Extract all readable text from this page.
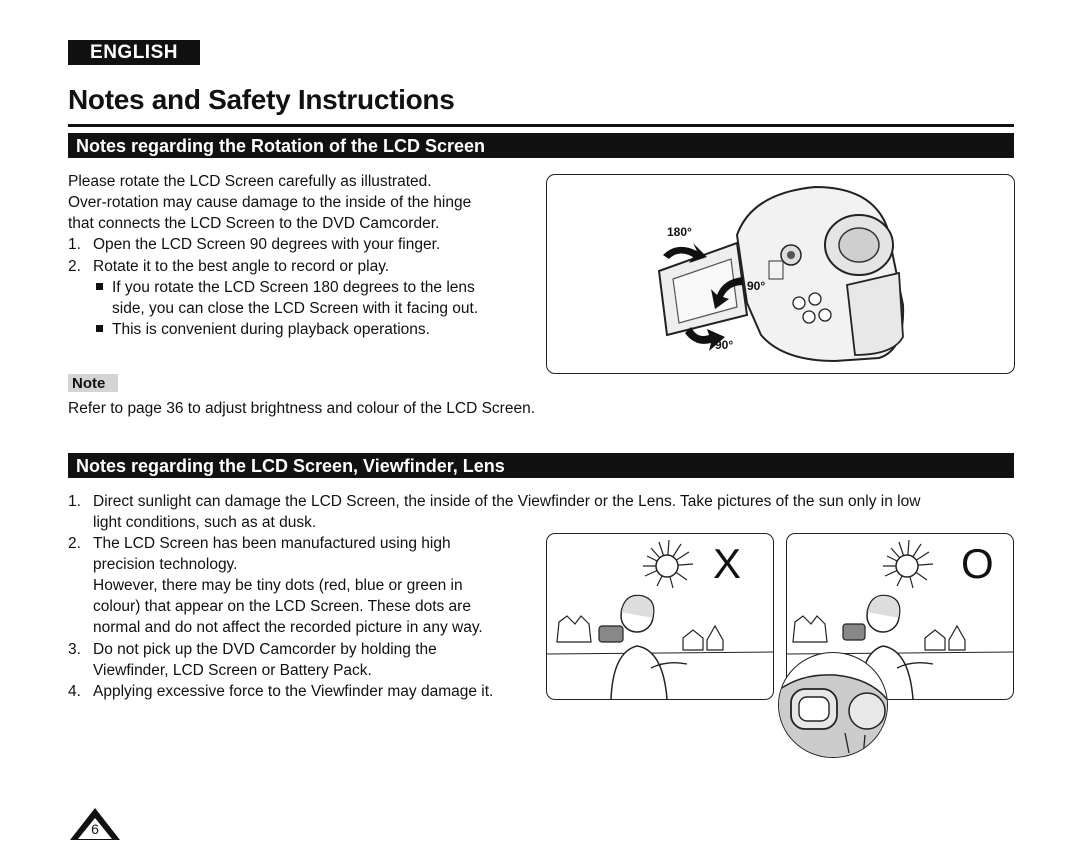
ENGLISH
Notes and Safety Instructions
Notes regarding the Rotation of the LCD Screen

Please rotate the LCD Screen carefully as illustrated.

Over-rotation may cause damage to the inside of the hinge

that connects the LCD Screen to the DVD Camcorder.

1. Open the LCD Screen 90 degrees with your finger.

2. Rotate it to the best angle to record or play.

If you rotate the LCD Screen 180 degrees to the lens

side, you can close the LCD Screen with it facing out.

This is convenient during playback operations.

180°
90°
90°
Note

Refer to page 36 to adjust brightness and colour of the LCD Screen.

Notes regarding the LCD Screen, Viewfinder, Lens
1. Direct sunlight can damage the LCD Screen, the inside of the Viewfinder or the Lens. Take pictures of the sun only in low

light conditions, such as at dusk.

2. The LCD Screen has been manufactured using high

precision technology.

However, there may be tiny dots (red, blue or green in

colour) that appear on the LCD Screen. These dots are

normal and do not affect the recorded picture in any way.

3. Do not pick up the DVD Camcorder by holding the

Viewfinder, LCD Screen or Battery Pack.

4. Applying excessive force to the Viewfinder may damage it.

X	O
6
